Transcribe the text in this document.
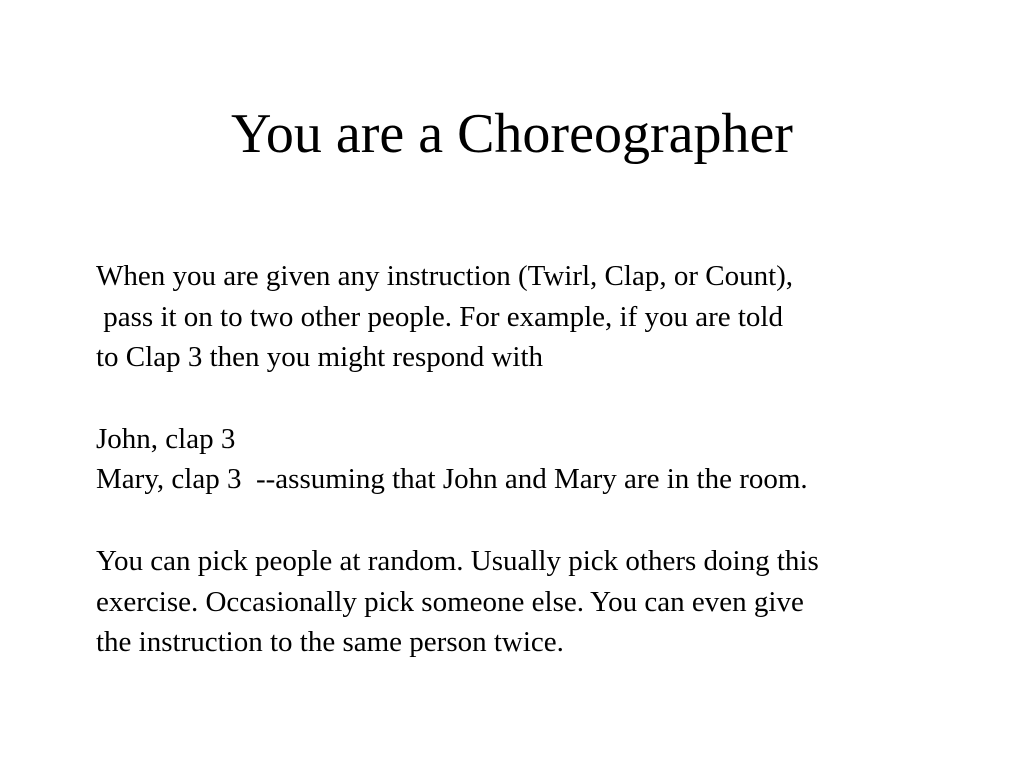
You are a Choreographer
When you are given any instruction (Twirl, Clap, or Count),
pass it on to two other people. For example, if you are told
to Clap 3 then you might respond with
John, clap 3
Mary, clap 3  --assuming that John and Mary are in the room.
You can pick people at random. Usually pick others doing this
exercise. Occasionally pick someone else. You can even give
the instruction to the same person twice.
